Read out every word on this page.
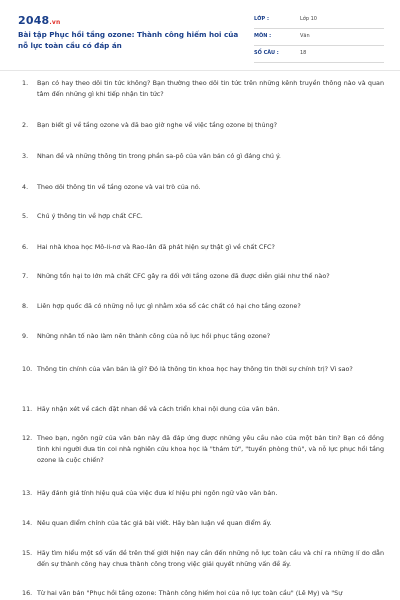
2048.vn
Bài tập Phục hồi tầng ozone: Thành công hiếm hoi của nỗ lực toàn cầu có đáp án
LỚP :	Lớp 10
MÔN :	Văn
SỐ CÂU :	18
1.	Bạn có hay theo dõi tin tức không? Bạn thường theo dõi tin tức trên những kênh truyền thông nào và quan tâm đến những gì khi tiếp nhận tin tức?
2.	Bạn biết gì về tầng ozone và đã bao giờ nghe về việc tầng ozone bị thủng?
3.	Nhan đề và những thông tin trong phần sa-pô của văn bản có gì đáng chú ý.
4.	Theo dõi thông tin về tầng ozone và vai trò của nó.
5.	Chú ý thông tin về hợp chất CFC.
6.	Hai nhà khoa học Mô-li-nơ và Rao-lân đã phát hiện sự thật gì về chất CFC?
7.	Những tổn hại to lớn mà chất CFC gây ra đối với tầng ozone đã được diễn giải như thế nào?
8.	Liên hợp quốc đã có những nỗ lực gì nhằm xóa sổ các chất có hại cho tầng ozone?
9.	Những nhân tố nào làm nên thành công của nỗ lực hồi phục tầng ozone?
10. Thông tin chính của văn bản là gì? Đó là thông tin khoa học hay thông tin thời sự chính trị? Vì sao?
11. Hãy nhận xét về cách đặt nhan đề và cách triển khai nội dung của văn bản.
12. Theo bạn, ngôn ngữ của văn bản này đã đáp ứng được những yêu cầu nào của một bản tin? Bạn có đồng tình khi người đưa tin coi nhà nghiên cứu khoa học là "thám tử", "tuyến phòng thủ", và nỗ lực phục hồi tầng ozone là cuộc chiến?
13. Hãy đánh giá tính hiệu quả của việc đưa kí hiệu phi ngôn ngữ vào văn bản.
14. Nêu quan điểm chính của tác giả bài viết. Hãy bàn luận về quan điểm ấy.
15. Hãy tìm hiểu một số vấn đề trên thế giới hiện nay cần đến những nỗ lực toàn cầu và chỉ ra những lí do dẫn đến sự thành công hay chưa thành công trong việc giải quyết những vấn đề ấy.
16. Từ hai văn bản "Phục hồi tầng ozone: Thành công hiếm hoi của nỗ lực toàn cầu" (Lê My) và "Sự
